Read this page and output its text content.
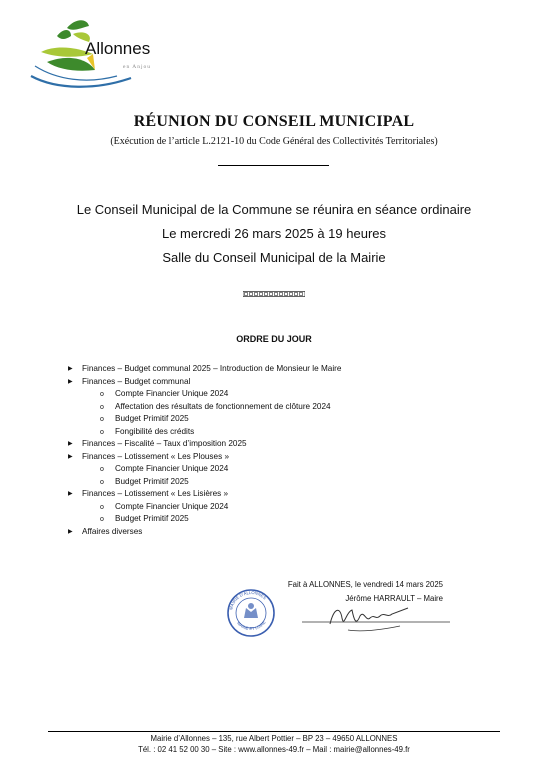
Allonnes
en Anjou
RÉUNION DU CONSEIL MUNICIPAL
(Exécution de l’article L.2121-10 du Code Général des Collectivités Territoriales)
Le Conseil Municipal de la Commune se réunira en séance ordinaire
Le mercredi 26 mars 2025 à 19 heures
Salle du Conseil Municipal de la Mairie
ORDRE DU JOUR
▶ Finances – Budget communal 2025 – Introduction de Monsieur le Maire
▶ Finances – Budget communal
o Compte Financier Unique 2024
o Affectation des résultats de fonctionnement de clôture 2024
o Budget Primitif 2025
o Fongibilité des crédits
▶ Finances – Fiscalité – Taux d’imposition 2025
▶ Finances – Lotissement « Les Plouses »
o Compte Financier Unique 2024
o Budget Primitif 2025
▶ Finances – Lotissement « Les Lisières »
o Compte Financier Unique 2024
o Budget Primitif 2025
▶ Affaires diverses
Fait à ALLONNES, le vendredi 14 mars 2025
Jérôme HARRAULT – Maire
MAIRIE D'ALLONNES
MAINE ET LOIRE
Mairie d’Allonnes – 135, rue Albert Pottier – BP 23 – 49650 ALLONNES
Tél. : 02 41 52 00 30 – Site : www.allonnes-49.fr – Mail : mairie@allonnes-49.fr
